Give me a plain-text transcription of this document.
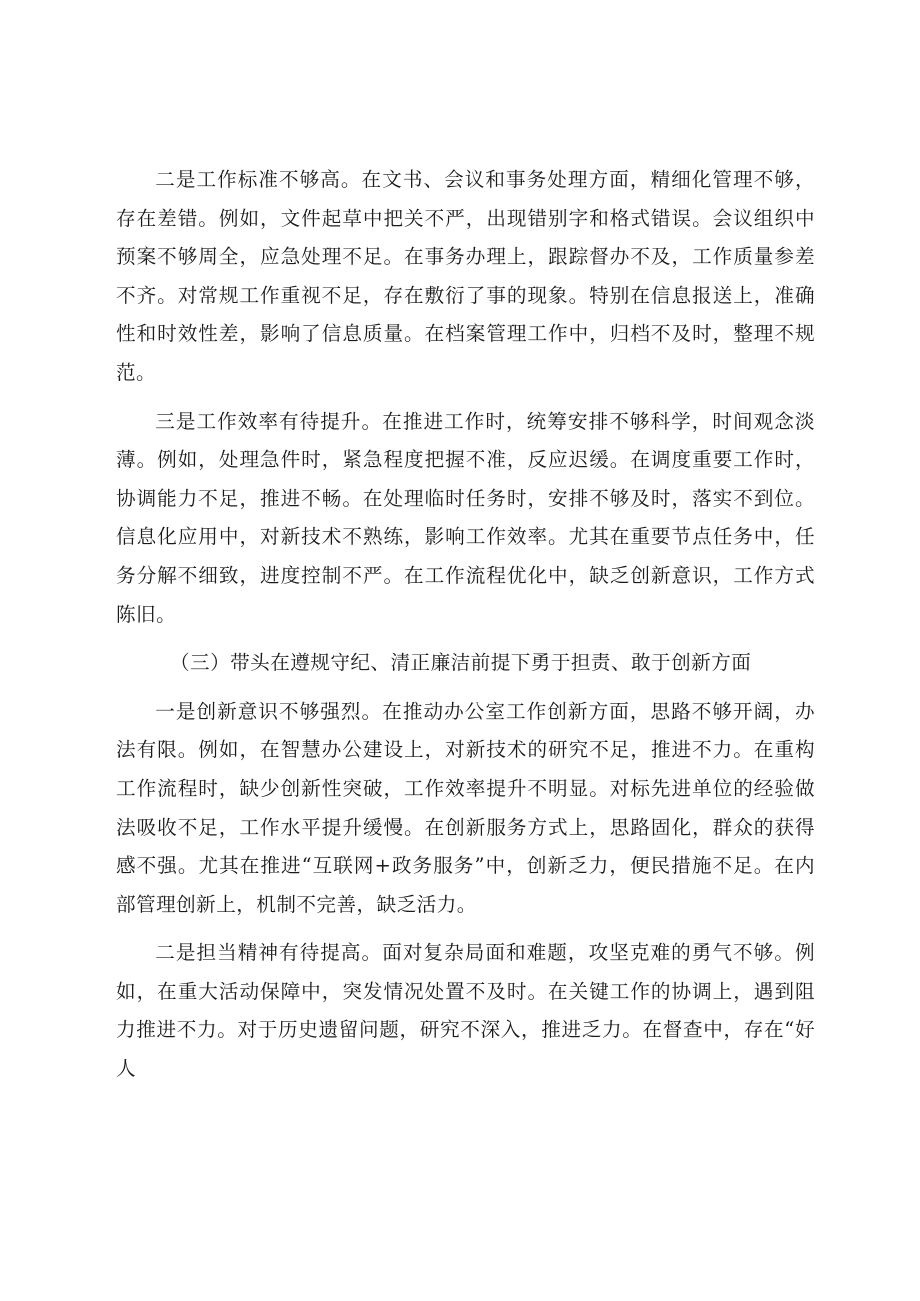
二是工作标准不够高。在文书、会议和事务处理方面，精细化管理不够，存在差错。例如，文件起草中把关不严，出现错别字和格式错误。会议组织中预案不够周全，应急处理不足。在事务办理上，跟踪督办不及，工作质量参差不齐。对常规工作重视不足，存在敷衍了事的现象。特别在信息报送上，准确性和时效性差，影响了信息质量。在档案管理工作中，归档不及时，整理不规范。

三是工作效率有待提升。在推进工作时，统筹安排不够科学，时间观念淡薄。例如，处理急件时，紧急程度把握不准，反应迟缓。在调度重要工作时，协调能力不足，推进不畅。在处理临时任务时，安排不够及时，落实不到位。信息化应用中，对新技术不熟练，影响工作效率。尤其在重要节点任务中，任务分解不细致，进度控制不严。在工作流程优化中，缺乏创新意识，工作方式陈旧。

（三）带头在遵规守纪、清正廉洁前提下勇于担责、敢于创新方面

一是创新意识不够强烈。在推动办公室工作创新方面，思路不够开阔，办法有限。例如，在智慧办公建设上，对新技术的研究不足，推进不力。在重构工作流程时，缺少创新性突破，工作效率提升不明显。对标先进单位的经验做法吸收不足，工作水平提升缓慢。在创新服务方式上，思路固化，群众的获得感不强。尤其在推进“互联网+政务服务”中，创新乏力，便民措施不足。在内部管理创新上，机制不完善，缺乏活力。

二是担当精神有待提高。面对复杂局面和难题，攻坚克难的勇气不够。例如，在重大活动保障中，突发情况处置不及时。在关键工作的协调上，遇到阻力推进不力。对于历史遗留问题，研究不深入，推进乏力。在督查中，存在“好人
